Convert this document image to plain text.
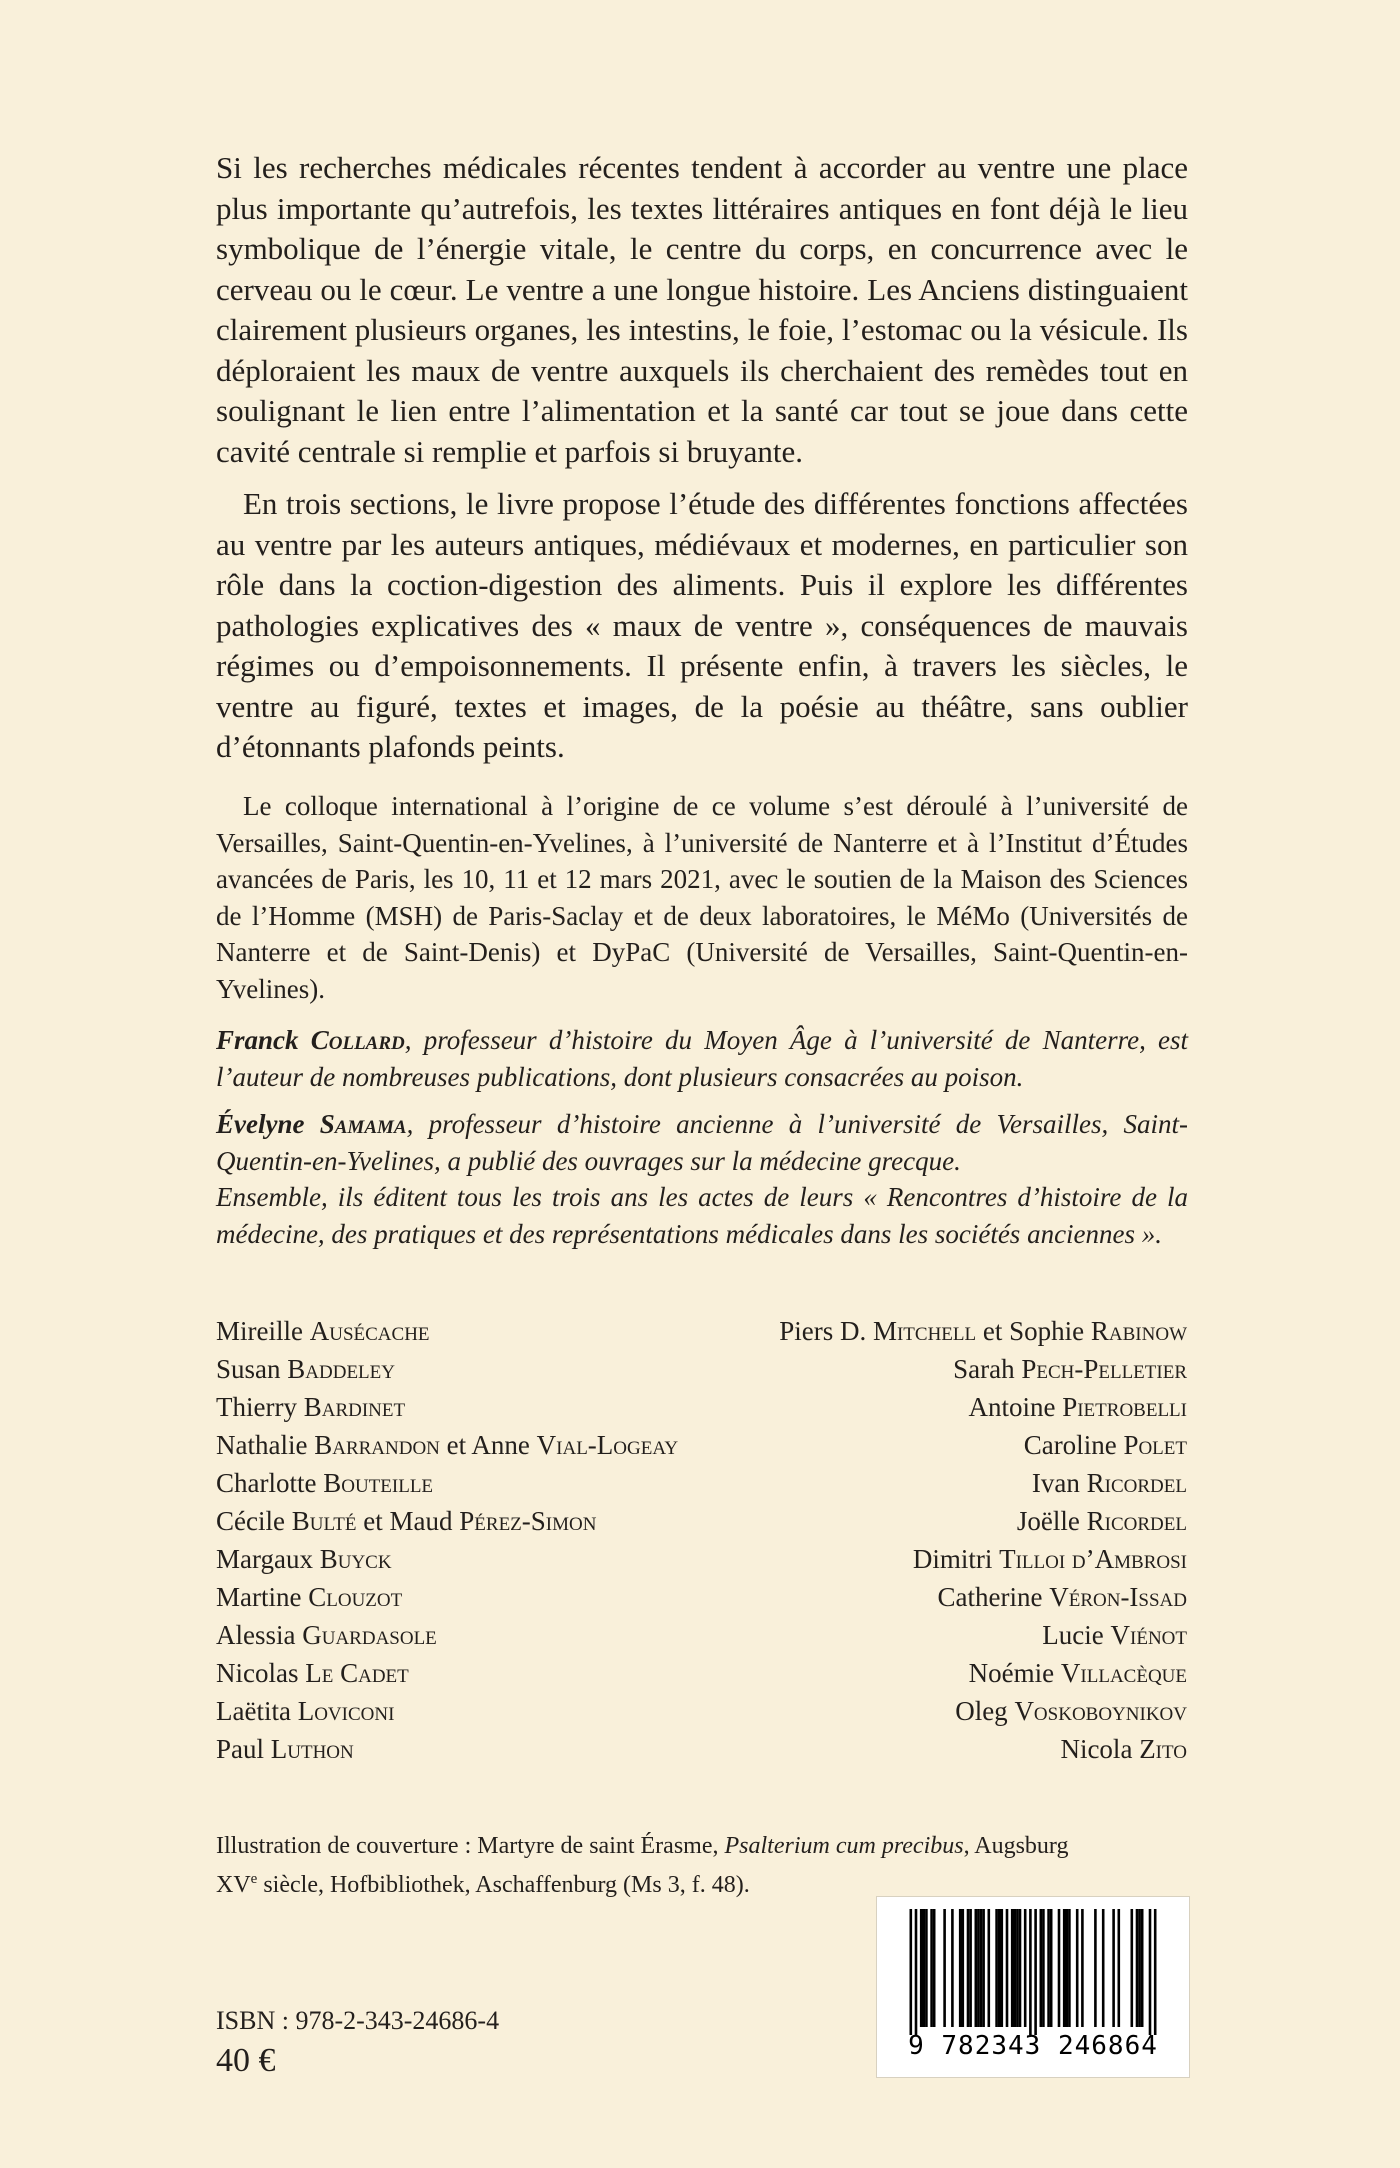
Si les recherches médicales récentes tendent à accorder au ventre une place plus importante qu’autrefois, les textes littéraires antiques en font déjà le lieu symbolique de l’énergie vitale, le centre du corps, en concurrence avec le cerveau ou le cœur. Le ventre a une longue histoire. Les Anciens distinguaient clairement plusieurs organes, les intestins, le foie, l’estomac ou la vésicule. Ils déploraient les maux de ventre auxquels ils cherchaient des remèdes tout en soulignant le lien entre l’alimentation et la santé car tout se joue dans cette cavité centrale si remplie et parfois si bruyante.

En trois sections, le livre propose l’étude des différentes fonctions affectées au ventre par les auteurs antiques, médiévaux et modernes, en particulier son rôle dans la coction-digestion des aliments. Puis il explore les différentes pathologies explicatives des « maux de ventre », conséquences de mauvais régimes ou d’empoisonnements. Il présente enfin, à travers les siècles, le ventre au figuré, textes et images, de la poésie au théâtre, sans oublier d’étonnants plafonds peints.

Le colloque international à l’origine de ce volume s’est déroulé à l’université de Versailles, Saint-Quentin-en-Yvelines, à l’université de Nanterre et à l’Institut d’Études avancées de Paris, les 10, 11 et 12 mars 2021, avec le soutien de la Maison des Sciences de l’Homme (MSH) de Paris-Saclay et de deux laboratoires, le MéMo (Universités de Nanterre et de Saint-Denis) et DyPaC (Université de Versailles, Saint-Quentin-en-Yvelines).

Franck Collard, professeur d’histoire du Moyen Âge à l’université de Nanterre, est l’auteur de nombreuses publications, dont plusieurs consacrées au poison.

Évelyne Samama, professeur d’histoire ancienne à l’université de Versailles, Saint-Quentin-en-Yvelines, a publié des ouvrages sur la médecine grecque.
Ensemble, ils éditent tous les trois ans les actes de leurs « Rencontres d’histoire de la médecine, des pratiques et des représentations médicales dans les sociétés anciennes ».

Mireille Ausécache
Susan Baddeley
Thierry Bardinet
Nathalie Barrandon et Anne Vial-Logeay
Charlotte Bouteille
Cécile Bulté et Maud Pérez-Simon
Margaux Buyck
Martine Clouzot
Alessia Guardasole
Nicolas Le Cadet
Laëtita Loviconi
Paul Luthon
Piers D. Mitchell et Sophie Rabinow
Sarah Pech-Pelletier
Antoine Pietrobelli
Caroline Polet
Ivan Ricordel
Joëlle Ricordel
Dimitri Tilloi d’Ambrosi
Catherine Véron-Issad
Lucie Viénot
Noémie Villacèque
Oleg Voskoboynikov
Nicola Zito
Illustration de couverture : Martyre de saint Érasme, Psalterium cum precibus, Augsburg
XVe siècle, Hofbibliothek, Aschaffenburg (Ms 3, f. 48).
ISBN : 978-2-343-24686-4
40 €	9 782343 246864
